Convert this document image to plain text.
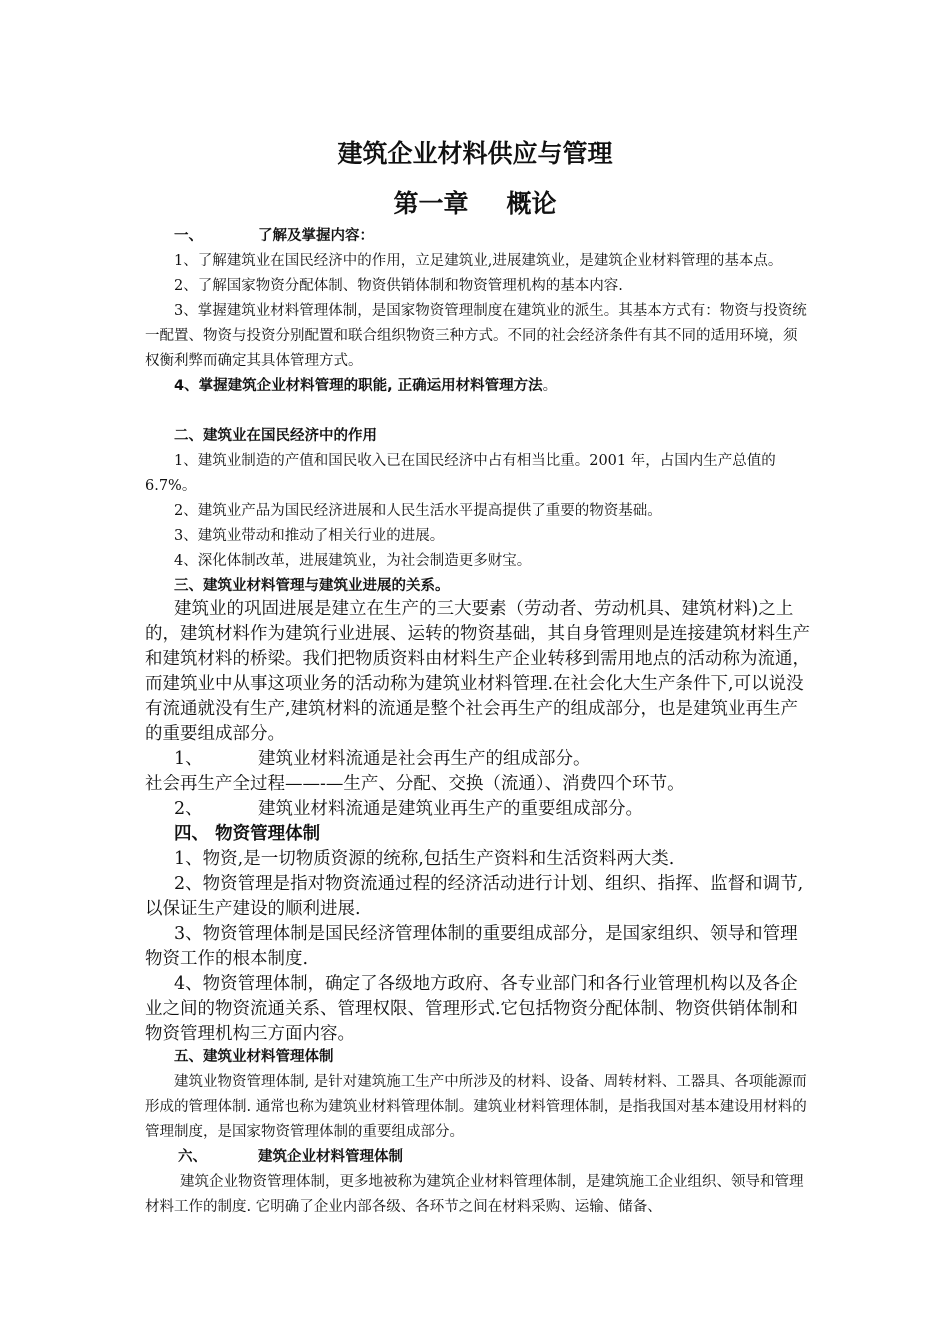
建筑企业材料供应与管理
第一章 概论

一、	了解及掌握内容：

1、了解建筑业在国民经济中的作用，立足建筑业,进展建筑业，是建筑企业材料管理的基本点。

2、了解国家物资分配体制、物资供销体制和物资管理机构的基本内容.

3、掌握建筑业材料管理体制，是国家物资管理制度在建筑业的派生。其基本方式有：物资与投资统一配置、物资与投资分别配置和联合组织物资三种方式。不同的社会经济条件有其不同的适用环境，须权衡利弊而确定其具体管理方式。

4、掌握建筑企业材料管理的职能, 正确运用材料管理方法。

二、建筑业在国民经济中的作用

1、建筑业制造的产值和国民收入已在国民经济中占有相当比重。2001 年，占国内生产总值的 6.7%。

2、建筑业产品为国民经济进展和人民生活水平提高提供了重要的物资基础。

3、建筑业带动和推动了相关行业的进展。

4、深化体制改革，进展建筑业，为社会制造更多财宝。

三、建筑业材料管理与建筑业进展的关系。

建筑业的巩固进展是建立在生产的三大要素（劳动者、劳动机具、建筑材料)之上的，建筑材料作为建筑行业进展、运转的物资基础，其自身管理则是连接建筑材料生产和建筑材料的桥梁。我们把物质资料由材料生产企业转移到需用地点的活动称为流通，而建筑业中从事这项业务的活动称为建筑业材料管理.在社会化大生产条件下,可以说没有流通就没有生产,建筑材料的流通是整个社会再生产的组成部分，也是建筑业再生产的重要组成部分。

1、	建筑业材料流通是社会再生产的组成部分。

社会再生产全过程——-—生产、分配、交换（流通）、消费四个环节。

2、	建筑业材料流通是建筑业再生产的重要组成部分。

四、 物资管理体制

1、物资,是一切物质资源的统称,包括生产资料和生活资料两大类.

2、物资管理是指对物资流通过程的经济活动进行计划、组织、指挥、监督和调节,以保证生产建设的顺利进展.

3、物资管理体制是国民经济管理体制的重要组成部分，是国家组织、领导和管理物资工作的根本制度.

4、物资管理体制，确定了各级地方政府、各专业部门和各行业管理机构以及各企业之间的物资流通关系、管理权限、管理形式.它包括物资分配体制、物资供销体制和物资管理机构三方面内容。

五、建筑业材料管理体制

建筑业物资管理体制, 是针对建筑施工生产中所涉及的材料、设备、周转材料、工器具、各项能源而形成的管理体制. 通常也称为建筑业材料管理体制。建筑业材料管理体制，是指我国对基本建设用材料的管理制度，是国家物资管理体制的重要组成部分。

六、	建筑企业材料管理体制

建筑企业物资管理体制，更多地被称为建筑企业材料管理体制，是建筑施工企业组织、领导和管理材料工作的制度. 它明确了企业内部各级、各环节之间在材料采购、运输、储备、
